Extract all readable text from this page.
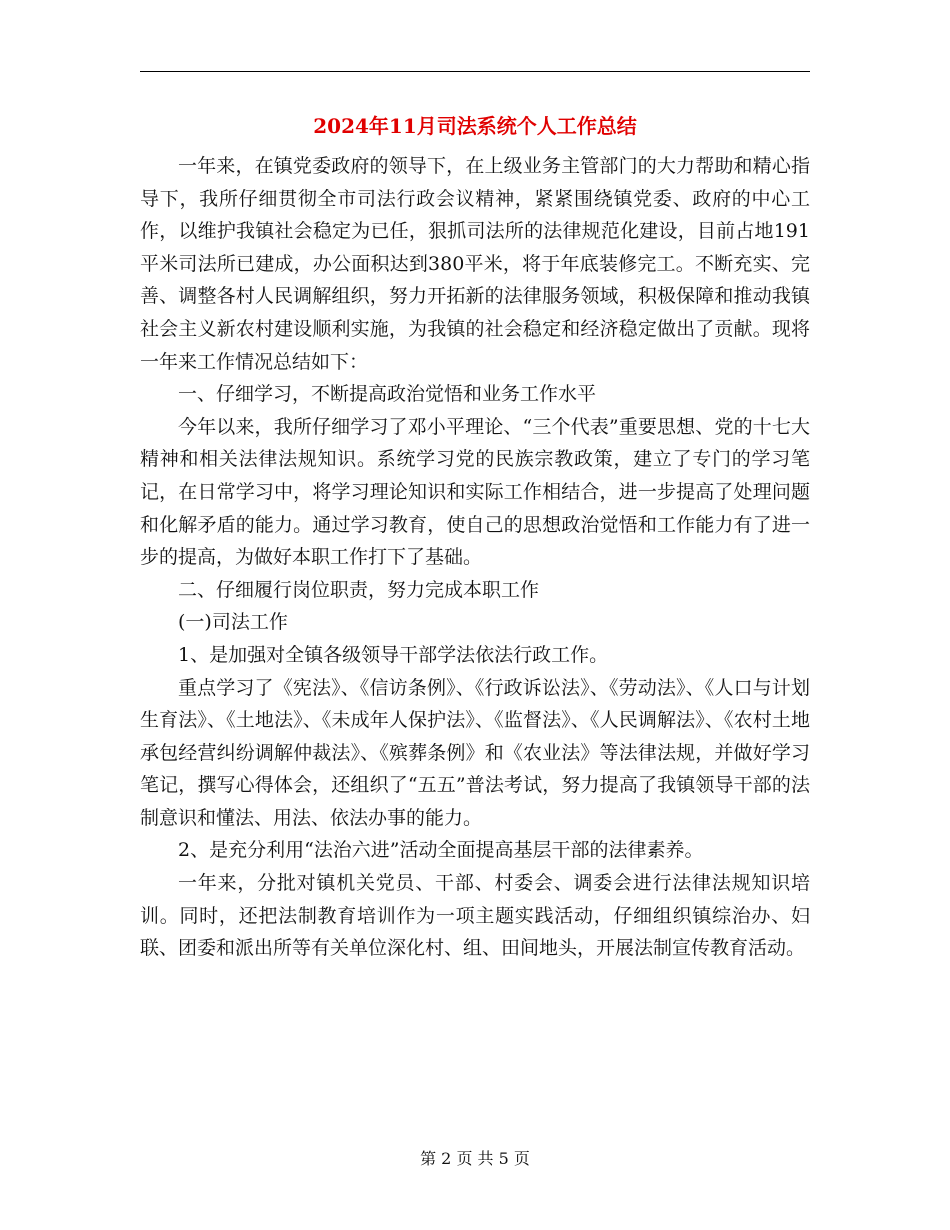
2024年11月司法系统个人工作总结

一年来，在镇党委政府的领导下，在上级业务主管部门的大力帮助和精心指导下，我所仔细贯彻全市司法行政会议精神，紧紧围绕镇党委、政府的中心工作，以维护我镇社会稳定为已任，狠抓司法所的法律规范化建设，目前占地191平米司法所已建成，办公面积达到380平米，将于年底装修完工。不断充实、完善、调整各村人民调解组织，努力开拓新的法律服务领域，积极保障和推动我镇社会主义新农村建设顺利实施，为我镇的社会稳定和经济稳定做出了贡献。现将一年来工作情况总结如下：

一、仔细学习，不断提高政治觉悟和业务工作水平

今年以来，我所仔细学习了邓小平理论、“三个代表”重要思想、党的十七大精神和相关法律法规知识。系统学习党的民族宗教政策，建立了专门的学习笔记，在日常学习中，将学习理论知识和实际工作相结合，进一步提高了处理问题和化解矛盾的能力。通过学习教育，使自己的思想政治觉悟和工作能力有了进一步的提高，为做好本职工作打下了基础。

二、仔细履行岗位职责，努力完成本职工作

(一)司法工作

1、是加强对全镇各级领导干部学法依法行政工作。

重点学习了《宪法》、《信访条例》、《行政诉讼法》、《劳动法》、《人口与计划生育法》、《土地法》、《未成年人保护法》、《监督法》、《人民调解法》、《农村土地承包经营纠纷调解仲裁法》、《殡葬条例》和《农业法》等法律法规，并做好学习笔记，撰写心得体会，还组织了“五五”普法考试，努力提高了我镇领导干部的法制意识和懂法、用法、依法办事的能力。

2、是充分利用“法治六进”活动全面提高基层干部的法律素养。

一年来，分批对镇机关党员、干部、村委会、调委会进行法律法规知识培训。同时，还把法制教育培训作为一项主题实践活动，仔细组织镇综治办、妇联、团委和派出所等有关单位深化村、组、田间地头，开展法制宣传教育活动。

第 2 页 共 5 页
